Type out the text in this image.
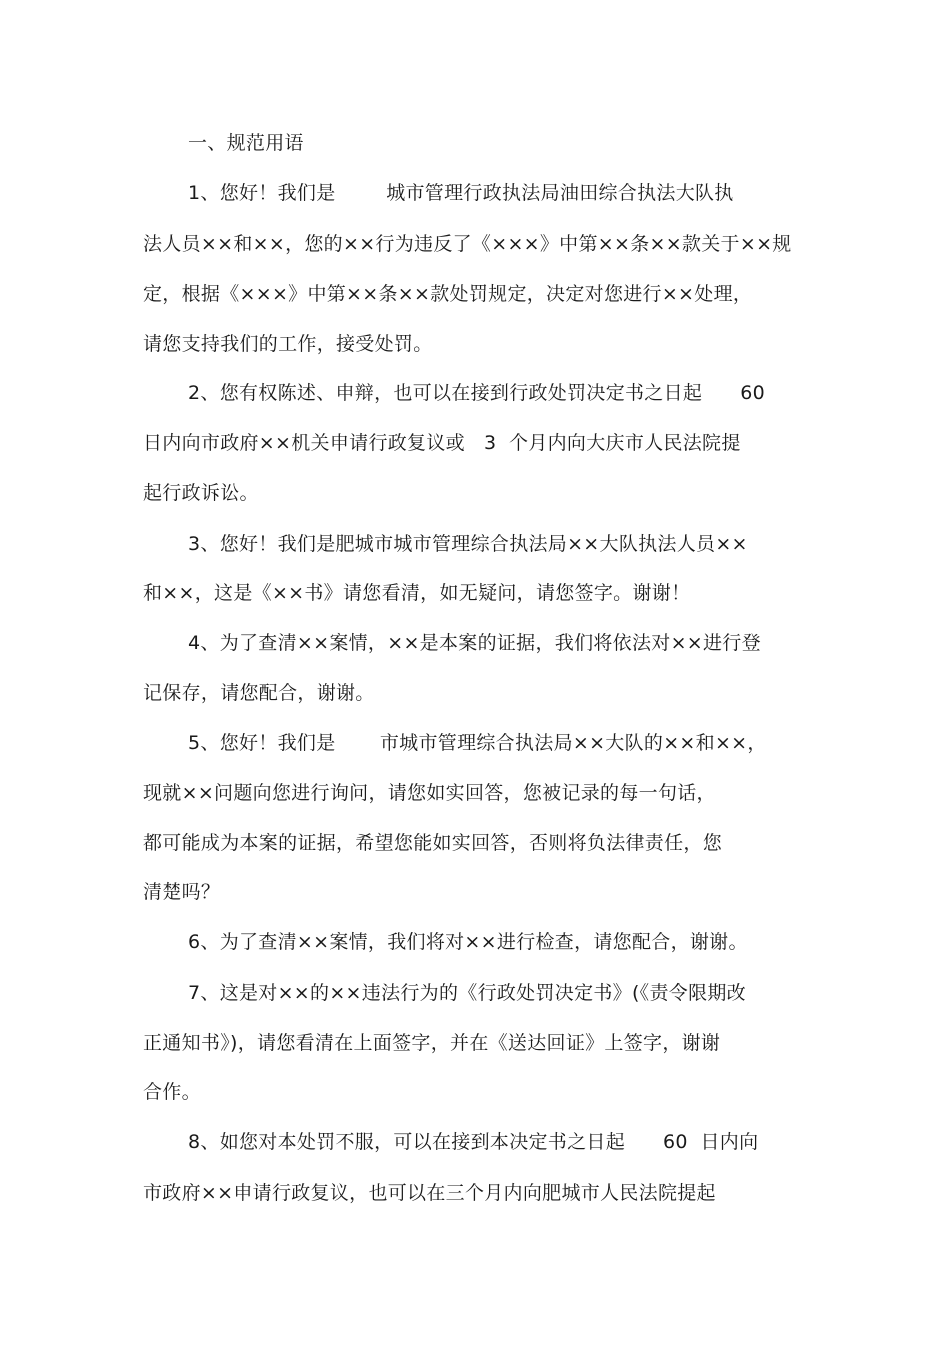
一、规范用语
1、您好！我们是        城市管理行政执法局油田综合执法大队执
法人员××和××，您的××行为违反了《×××》中第××条××款关于××规
定，根据《×××》中第××条××款处罚规定，决定对您进行××处理，
请您支持我们的工作，接受处罚。
2、您有权陈述、申辩，也可以在接到行政处罚决定书之日起      60
日内向市政府××机关申请行政复议或   3  个月内向大庆市人民法院提
起行政诉讼。
3、您好！我们是肥城市城市管理综合执法局××大队执法人员××
和××，这是《××书》请您看清，如无疑问，请您签字。谢谢！
4、为了查清××案情，××是本案的证据，我们将依法对××进行登
记保存，请您配合，谢谢。
5、您好！我们是       市城市管理综合执法局××大队的××和××，
现就××问题向您进行询问，请您如实回答，您被记录的每一句话，
都可能成为本案的证据，希望您能如实回答，否则将负法律责任，您
清楚吗？
6、为了查清××案情，我们将对××进行检查，请您配合，谢谢。
7、这是对××的××违法行为的《行政处罚决定书》(《责令限期改
正通知书》)，请您看清在上面签字，并在《送达回证》上签字，谢谢
合作。
8、如您对本处罚不服，可以在接到本决定书之日起      60  日内向
市政府××申请行政复议，也可以在三个月内向肥城市人民法院提起
